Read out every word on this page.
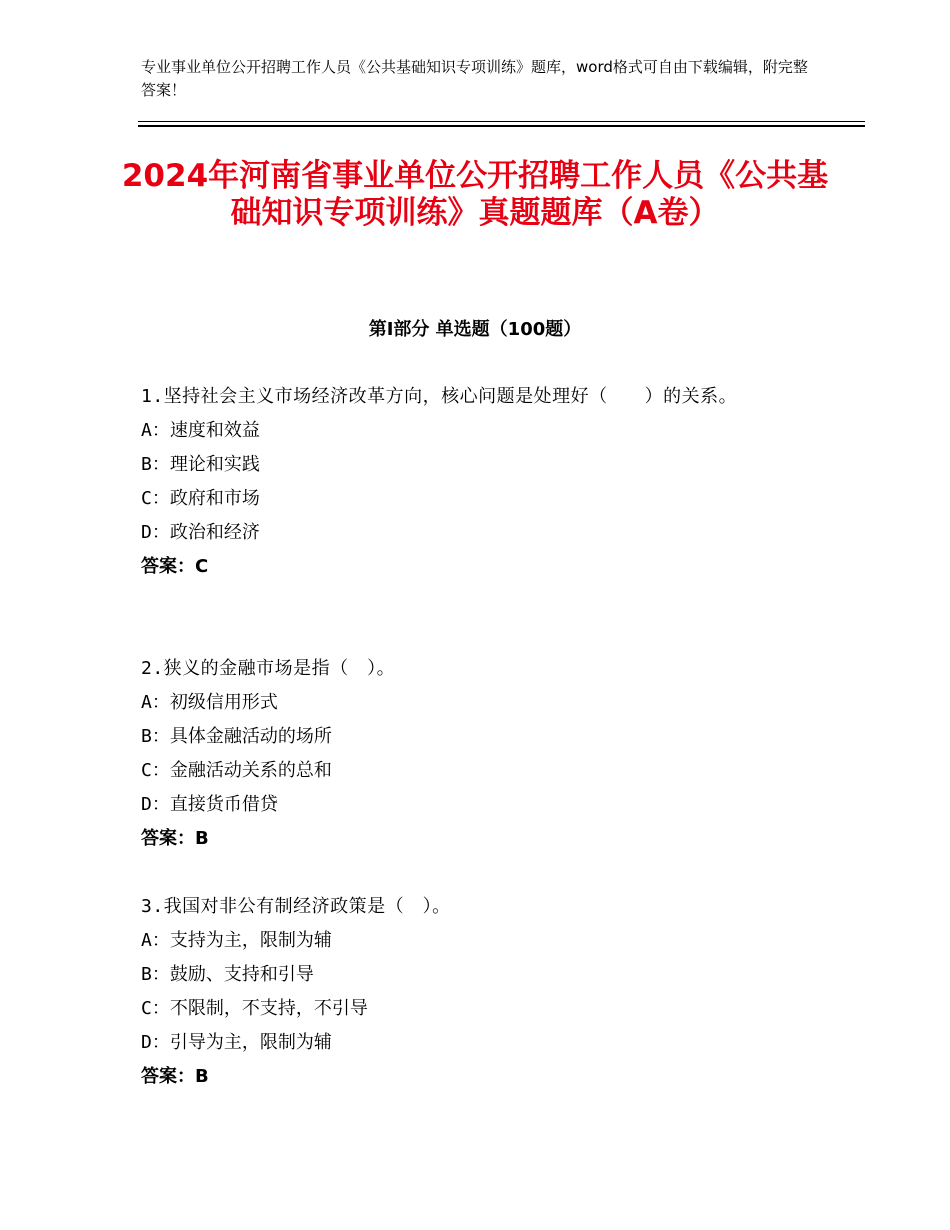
专业事业单位公开招聘工作人员《公共基础知识专项训练》题库，word格式可自由下载编辑，附完整答案！
2024年河南省事业单位公开招聘工作人员《公共基础知识专项训练》真题题库（A卷）
第Ⅰ部分 单选题（100题）
1.坚持社会主义市场经济改革方向，核心问题是处理好（　　）的关系。
A：速度和效益
B：理论和实践
C：政府和市场
D：政治和经济
答案：C
2.狭义的金融市场是指（　）。
A：初级信用形式
B：具体金融活动的场所
C：金融活动关系的总和
D：直接货币借贷
答案：B
3.我国对非公有制经济政策是（　）。
A：支持为主，限制为辅
B：鼓励、支持和引导
C：不限制，不支持，不引导
D：引导为主，限制为辅
答案：B
